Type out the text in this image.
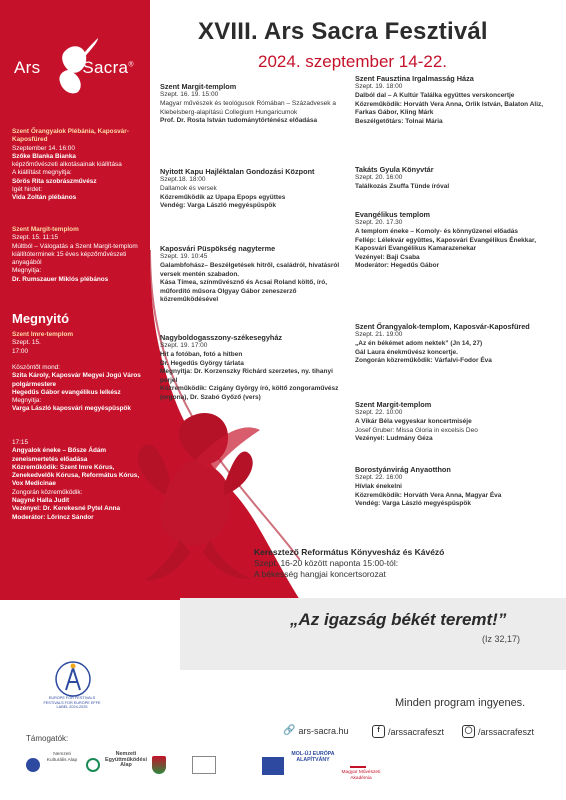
Ars Sacra®
Szent Őrangyalok Plébánia, Kaposvár-Kaposfüred
Szeptember 14. 16:00
Szőke Blanka Bianka
képzőművészeti alkotásainak kiállítása
A kiállítást megnyitja:
Sörös Rita szobrászművész
Igét hirdet:
Vida Zoltán plébános
Szent Margit-templom
Szept. 15. 11:15
Múltból – Válogatás a Szent Margit-templom kiállítóterminek 15 éves képzőművészeti anyagából
Megnyitja:
Dr. Rumszauer Miklós plébános
Megnyitó
Szent Imre-templom
Szept. 15.
17:00
Köszöntőt mond:
Szita Károly, Kaposvár Megyei Jogú Város polgármestere
Hegedűs Gábor evangélikus lelkész
Megnyitja:
Varga László kaposvári megyéspüspök
17:15
Angyalok éneke – Bősze Ádám zeneismertetés előadása
Közreműködik: Szent Imre Kórus, Zenekedvelők Kórusa, Református Kórus, Vox Medicinae
Zongorán közreműködik:
Nagyné Halla Judit
Vezényel: Dr. Kerekesné Pytel Anna
Moderátor: Lőrincz Sándor
XVIII. Ars Sacra Fesztivál
2024. szeptember 14-22.
Szent Margit-templom
Szept. 16. 19. 15:00
Magyar művészek és teológusok Rómában – Századvesek a Klebelsberg-alapítású Collegium Hungaricumok
Prof. Dr. Rosta István tudománytörténész előadása
Nyitott Kapu Hajléktalan Gondozási Központ
Szept.18. 18:00
Dallamok és versek
Közreműködik az Upapa Epops együttes
Vendég: Varga László megyéspüspök
Kaposvári Püspökség nagyterme
Szept. 19. 10:45
Galambfohász– Beszélgetések hitről, családról, hivatásról versek mentén szabadon.
Kása Tímea, színművésznő és Acsai Roland költő, író, műfordító műsora Olgyay Gábor zeneszerző közreműködésével
Nagyboldogasszony-székesegyház
Szept. 19. 17:00
Hit a fotóban, fotó a hitben
Dr. Hegedűs György tárlata
Megnyitja: Dr. Korzenszky Richárd szerzetes, ny. tihanyi perjel
Közreműködik: Czigány György író, költő zongoraművész (orgona), Dr. Szabó Győző (vers)
Szent Fausztina Irgalmasság Háza
Szept. 19. 18:00
Dalból dal – A Kultúr Találka együttes verskoncertje
Közreműködik: Horváth Vera Anna, Orlik István, Balaton Aliz, Farkas Gábor, Kling Márk
Beszélgetőtárs: Tolnai Mária
Takáts Gyula Könyvtár
Szept. 20. 16:00
Találkozás Zsuffa Tünde íróval
Evangélikus templom
Szept. 20. 17.30
A templom éneke – Komoly- és könnyűzenei előadás
Fellép: Lélekvár együttes, Kaposvári Evangélikus Énekkar, Kaposvári Evangélikus Kamarazenekar
Vezényel: Baji Csaba
Moderátor: Hegedűs Gábor
Szent Őrangyalok-templom, Kaposvár-Kaposfüred
Szept. 21. 19:00
„Az én békémet adom nektek” (Jn 14, 27)
Gál Laura énekművész koncertje.
Zongorán közreműködik: Várfalvi-Fodor Éva
Szent Margit-templom
Szept. 22. 10:00
A Vikár Béla vegyeskar koncertmiséje
Josef Gruber: Missa Gloria in excelsis Deo
Vezényel: Ludmány Géza
Borostyánvirág Anyaotthon
Szept. 22. 16:00
Hívlak énekelni
Közreműködik: Horváth Vera Anna, Magyar Éva
Vendég: Varga László megyéspüspök
Keresztező Református Könyvesház és Kávézó
Szept. 16-20 között naponta 15:00-tól:
A békesség hangjai koncertsorozat
„Az igazság békét teremt!”
(Iz 32,17)
Minden program ingyenes.
EUROPE FOR FESTIVALS FESTIVALS FOR EUROPE EFFE LABEL 2024-2025
🔗 ars-sacra.hu	f /arssacrafeszt	◯ /arssacrafeszt
Támogatók:
Nemzeti Kulturális Alap
Nemzeti Együttműködési Alap
MOL-ÚJ EURÓPA ALAPÍTVÁNY
Magyar Művészeti Akadémia
